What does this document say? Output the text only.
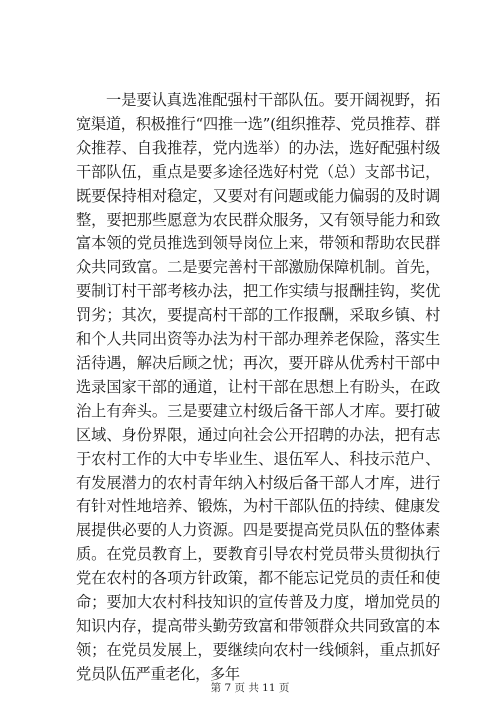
一是要认真选准配强村干部队伍。要开阔视野，拓宽渠道，积极推行“四推一选”(组织推荐、党员推荐、群众推荐、自我推荐，党内选举）的办法，选好配强村级干部队伍，重点是要多途径选好村党（总）支部书记，既要保持相对稳定，又要对有问题或能力偏弱的及时调整，要把那些愿意为农民群众服务，又有领导能力和致富本领的党员推选到领导岗位上来，带领和帮助农民群众共同致富。二是要完善村干部激励保障机制。首先，要制订村干部考核办法，把工作实绩与报酬挂钩，奖优罚劣；其次，要提高村干部的工作报酬，采取乡镇、村和个人共同出资等办法为村干部办理养老保险，落实生活待遇，解决后顾之忧；再次，要开辟从优秀村干部中选录国家干部的通道，让村干部在思想上有盼头，在政治上有奔头。三是要建立村级后备干部人才库。要打破区域、身份界限，通过向社会公开招聘的办法，把有志于农村工作的大中专毕业生、退伍军人、科技示范户、有发展潜力的农村青年纳入村级后备干部人才库，进行有针对性地培养、锻炼，为村干部队伍的持续、健康发展提供必要的人力资源。四是要提高党员队伍的整体素质。在党员教育上，要教育引导农村党员带头贯彻执行党在农村的各项方针政策，都不能忘记党员的责任和使命；要加大农村科技知识的宣传普及力度，增加党员的知识内存，提高带头勤劳致富和带领群众共同致富的本领；在党员发展上，要继续向农村一线倾斜，重点抓好党员队伍严重老化，多年

第 7 页 共 11 页
